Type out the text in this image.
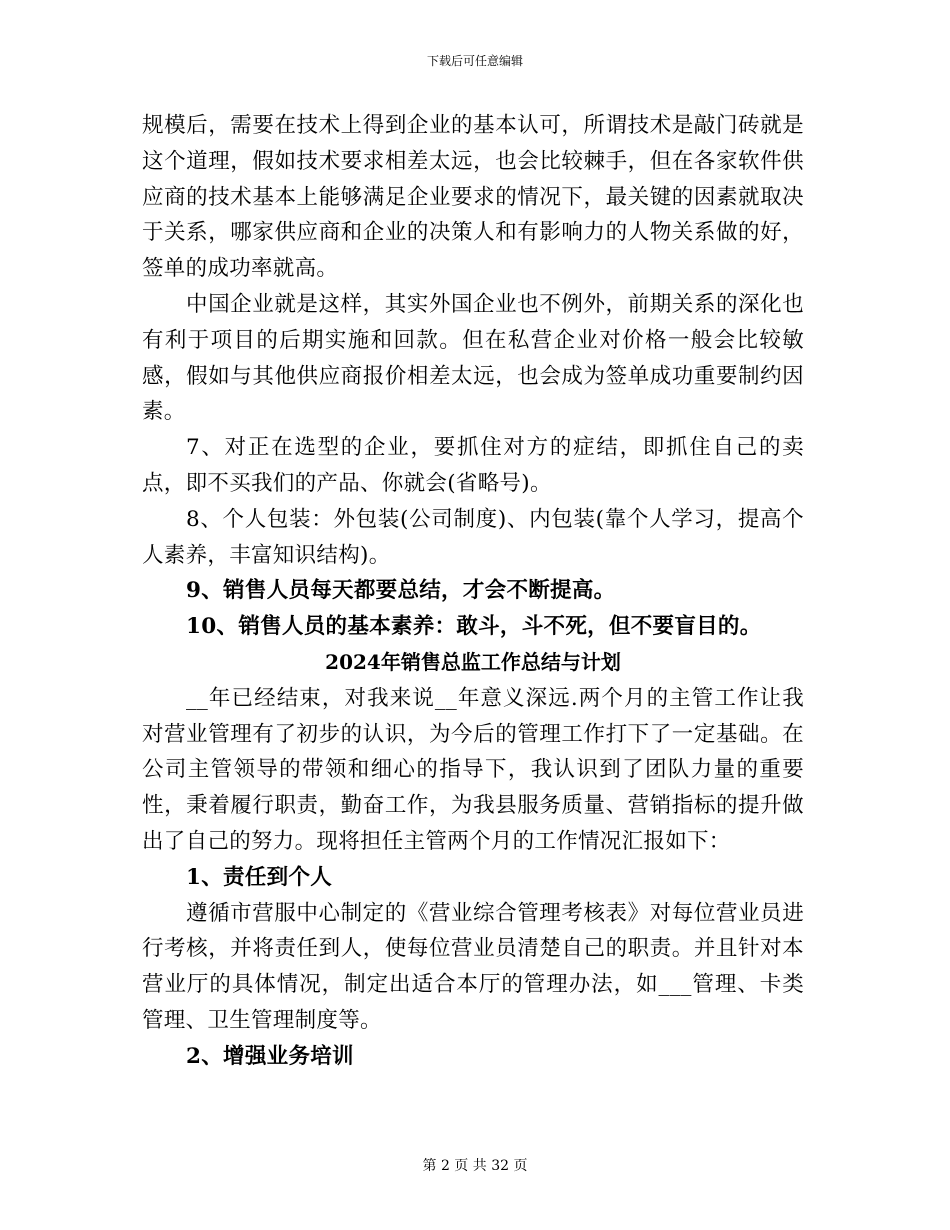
下载后可任意编辑

规模后，需要在技术上得到企业的基本认可，所谓技术是敲门砖就是这个道理，假如技术要求相差太远，也会比较棘手，但在各家软件供应商的技术基本上能够满足企业要求的情况下，最关键的因素就取决于关系，哪家供应商和企业的决策人和有影响力的人物关系做的好，签单的成功率就高。

中国企业就是这样，其实外国企业也不例外，前期关系的深化也有利于项目的后期实施和回款。但在私营企业对价格一般会比较敏感，假如与其他供应商报价相差太远，也会成为签单成功重要制约因素。

7、对正在选型的企业，要抓住对方的症结，即抓住自己的卖点，即不买我们的产品、你就会(省略号)。

8、个人包装：外包装(公司制度)、内包装(靠个人学习，提高个人素养，丰富知识结构)。

9、销售人员每天都要总结，才会不断提高。

10、销售人员的基本素养：敢斗，斗不死，但不要盲目的。

2024年销售总监工作总结与计划

__年已经结束，对我来说__年意义深远.两个月的主管工作让我对营业管理有了初步的认识，为今后的管理工作打下了一定基础。在公司主管领导的带领和细心的指导下，我认识到了团队力量的重要性，秉着履行职责，勤奋工作，为我县服务质量、营销指标的提升做出了自己的努力。现将担任主管两个月的工作情况汇报如下：

1、责任到个人

遵循市营服中心制定的《营业综合管理考核表》对每位营业员进行考核，并将责任到人，使每位营业员清楚自己的职责。并且针对本营业厅的具体情况，制定出适合本厅的管理办法，如___管理、卡类管理、卫生管理制度等。

2、增强业务培训

第 2 页 共 32 页
